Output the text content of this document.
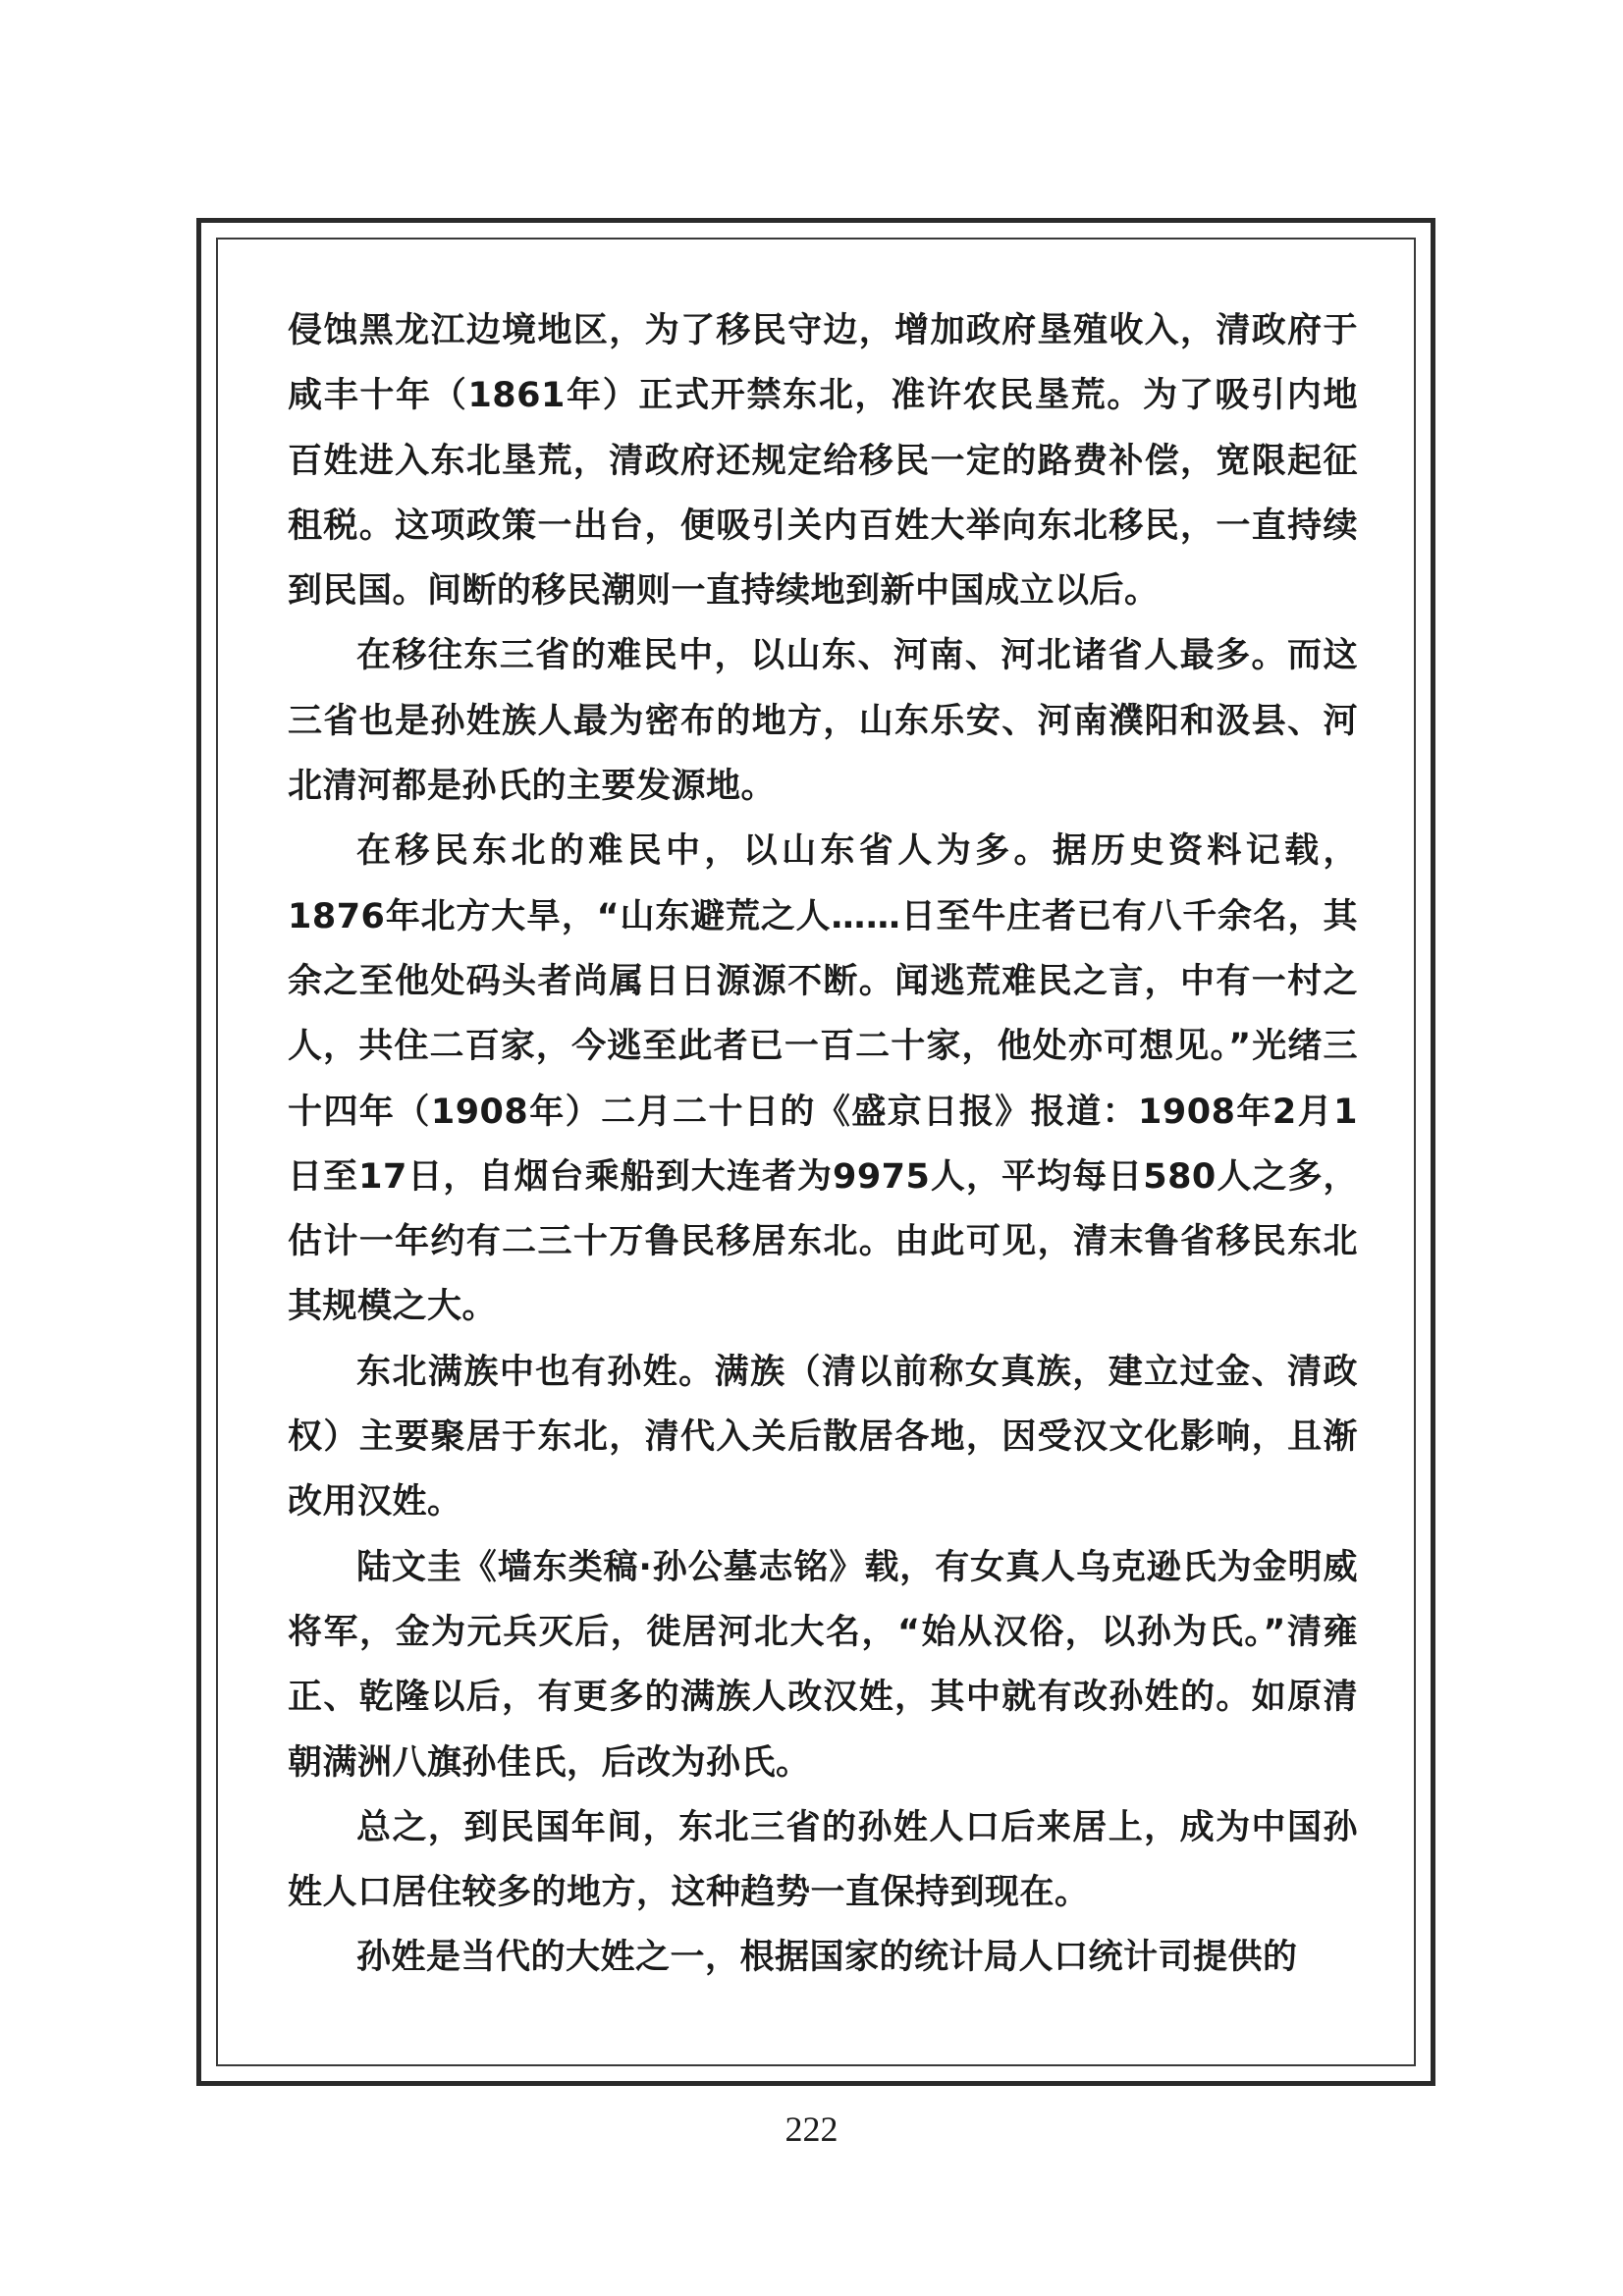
侵蚀黑龙江边境地区，为了移民守边，增加政府垦殖收入，清政府于咸丰十年（1861年）正式开禁东北，准许农民垦荒。为了吸引内地百姓进入东北垦荒，清政府还规定给移民一定的路费补偿，宽限起征租税。这项政策一出台，便吸引关内百姓大举向东北移民，一直持续到民国。间断的移民潮则一直持续地到新中国成立以后。

在移往东三省的难民中，以山东、河南、河北诸省人最多。而这三省也是孙姓族人最为密布的地方，山东乐安、河南濮阳和汲县、河北清河都是孙氏的主要发源地。

在移民东北的难民中，以山东省人为多。据历史资料记载，1876年北方大旱，“山东避荒之人……日至牛庄者已有八千余名，其余之至他处码头者尚属日日源源不断。闻逃荒难民之言，中有一村之人，共住二百家，今逃至此者已一百二十家，他处亦可想见。”光绪三十四年（1908年）二月二十日的《盛京日报》报道：1908年2月1日至17日，自烟台乘船到大连者为9975人，平均每日580人之多，估计一年约有二三十万鲁民移居东北。由此可见，清末鲁省移民东北其规模之大。

东北满族中也有孙姓。满族（清以前称女真族，建立过金、清政权）主要聚居于东北，清代入关后散居各地，因受汉文化影响，且渐改用汉姓。

陆文圭《墙东类稿·孙公墓志铭》载，有女真人乌克逊氏为金明威将军，金为元兵灭后，徙居河北大名，“始从汉俗，以孙为氏。”清雍正、乾隆以后，有更多的满族人改汉姓，其中就有改孙姓的。如原清朝满洲八旗孙佳氏，后改为孙氏。

总之，到民国年间，东北三省的孙姓人口后来居上，成为中国孙姓人口居住较多的地方，这种趋势一直保持到现在。

孙姓是当代的大姓之一，根据国家的统计局人口统计司提供的

222
